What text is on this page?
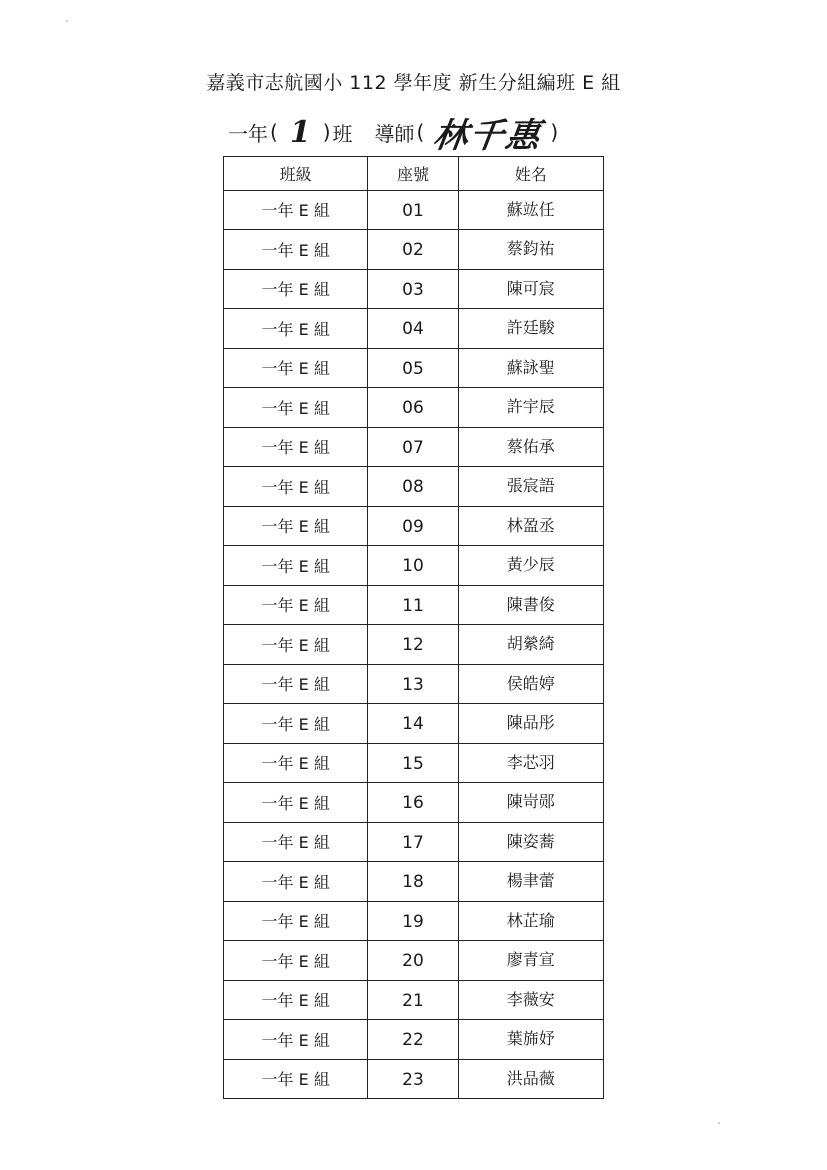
嘉義市志航國小 112 學年度 新生分組編班 E 組
一年 ( 1 ) 班 導師 ( 林千惠 )
班級	座號	姓名
一年 E 組	01	蘇竑任
一年 E 組	02	蔡鈞祐
一年 E 組	03	陳可宸
一年 E 組	04	許廷駿
一年 E 組	05	蘇詠聖
一年 E 組	06	許宇辰
一年 E 組	07	蔡佑承
一年 E 組	08	張宸語
一年 E 組	09	林盈丞
一年 E 組	10	黃少辰
一年 E 組	11	陳書俊
一年 E 組	12	胡縈綺
一年 E 組	13	侯皓婷
一年 E 組	14	陳品彤
一年 E 組	15	李芯羽
一年 E 組	16	陳岢郧
一年 E 組	17	陳姿蕎
一年 E 組	18	楊聿蕾
一年 E 組	19	林芷瑜
一年 E 組	20	廖青宣
一年 E 組	21	李薇安
一年 E 組	22	葉旆妤
一年 E 組	23	洪品薇
